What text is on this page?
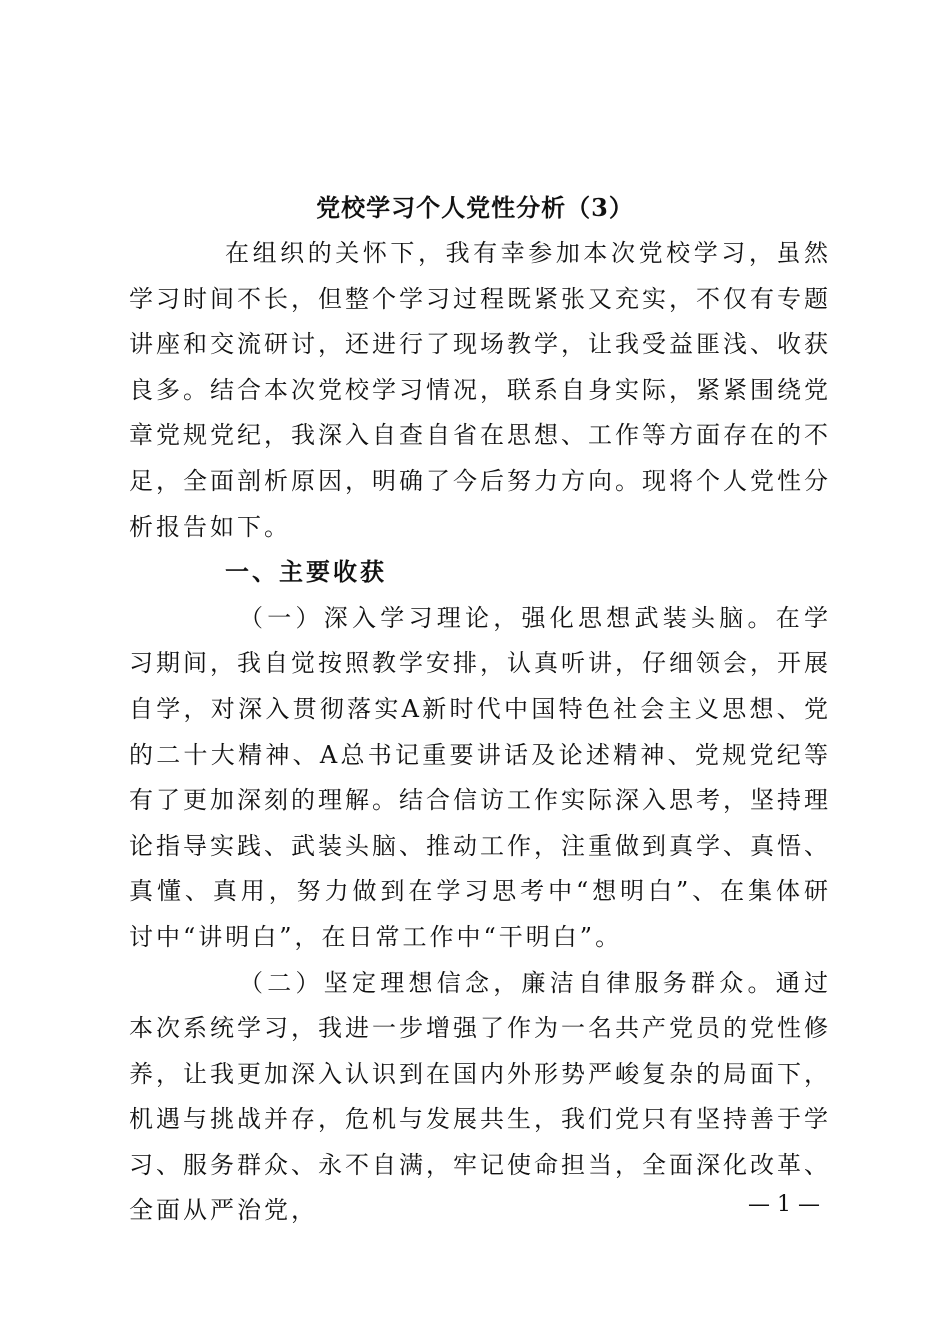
党校学习个人党性分析（3）

在组织的关怀下，我有幸参加本次党校学习，虽然学习时间不长，但整个学习过程既紧张又充实，不仅有专题讲座和交流研讨，还进行了现场教学，让我受益匪浅、收获良多。结合本次党校学习情况，联系自身实际，紧紧围绕党章党规党纪，我深入自查自省在思想、工作等方面存在的不足，全面剖析原因，明确了今后努力方向。现将个人党性分析报告如下。

一、主要收获

（一）深入学习理论，强化思想武装头脑。在学习期间，我自觉按照教学安排，认真听讲，仔细领会，开展自学，对深入贯彻落实A新时代中国特色社会主义思想、党的二十大精神、A总书记重要讲话及论述精神、党规党纪等有了更加深刻的理解。结合信访工作实际深入思考，坚持理论指导实践、武装头脑、推动工作，注重做到真学、真悟、真懂、真用，努力做到在学习思考中“想明白”、在集体研讨中“讲明白”，在日常工作中“干明白”。

（二）坚定理想信念，廉洁自律服务群众。通过本次系统学习，我进一步增强了作为一名共产党员的党性修养，让我更加深入认识到在国内外形势严峻复杂的局面下，机遇与挑战并存，危机与发展共生，我们党只有坚持善于学习、服务群众、永不自满，牢记使命担当，全面深化改革、全面从严治党，	— 1 —
